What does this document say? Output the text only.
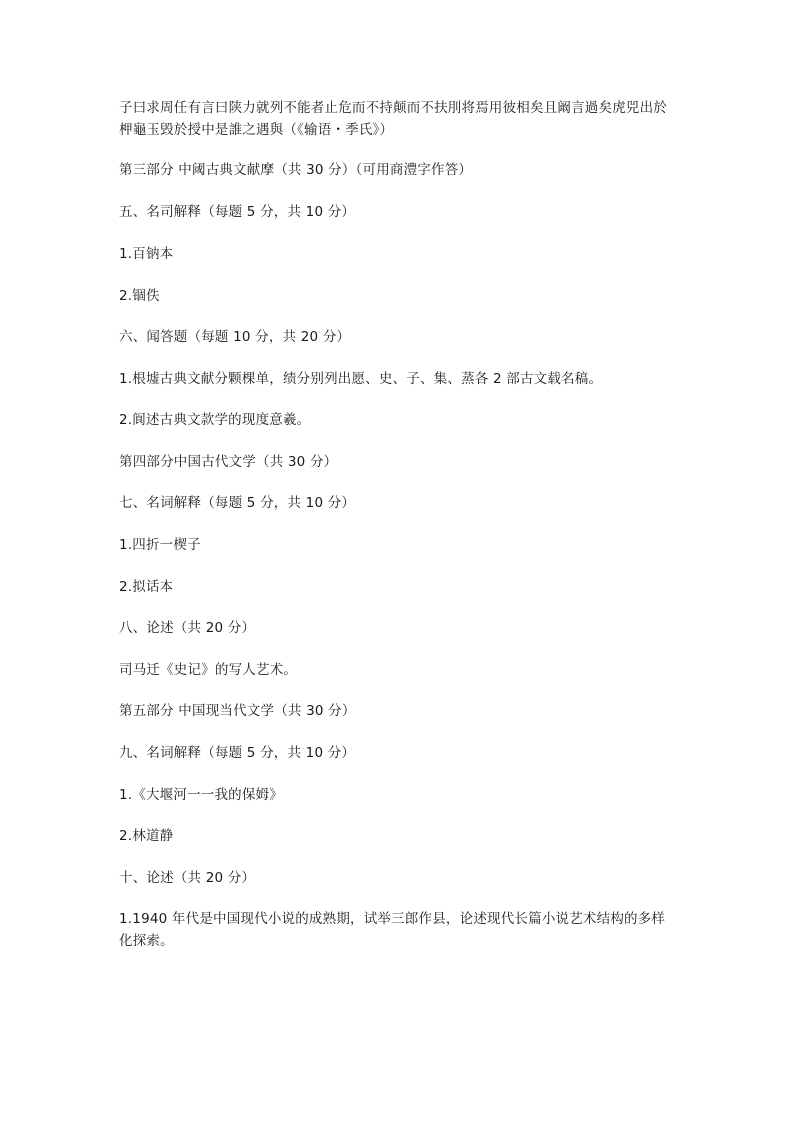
子曰求周任有言曰陕力就列不能者止危而不持颠而不扶刖将焉用彼相矣且阚言過矣虎兕出於柙龜玉毁於授中是誰之遇與（《输语・季氏》）
第三部分 中阈古典文献摩（共 30 分）（可用商澧字作答）
五、名司解释（每题 5 分，共 10 分）
1.百钠本
2.锢佚
六、闻答题（每题 10 分，共 20 分）
1.根墟古典文献分颗棵单，绩分别列出愿、史、子、集、蒸各 2 部古文载名稿。
2.阆述古典文款学的现度意羲。
第四部分中国古代文学（共 30 分）
七、名词解释（每题 5 分，共 10 分）
1.四折一楔子
2.拟话本
八、论述（共 20 分）
司马迁《史记》的写人艺术。
第五部分 中国现当代文学（共 30 分）
九、名词解释（每题 5 分，共 10 分）
1.《大堰河一一我的保姆》
2.林道静
十、论述（共 20 分）
1.1940 年代是中国现代小说的成熟期，试举三郎作县，论述现代长篇小说艺术结构的多样化探索。
